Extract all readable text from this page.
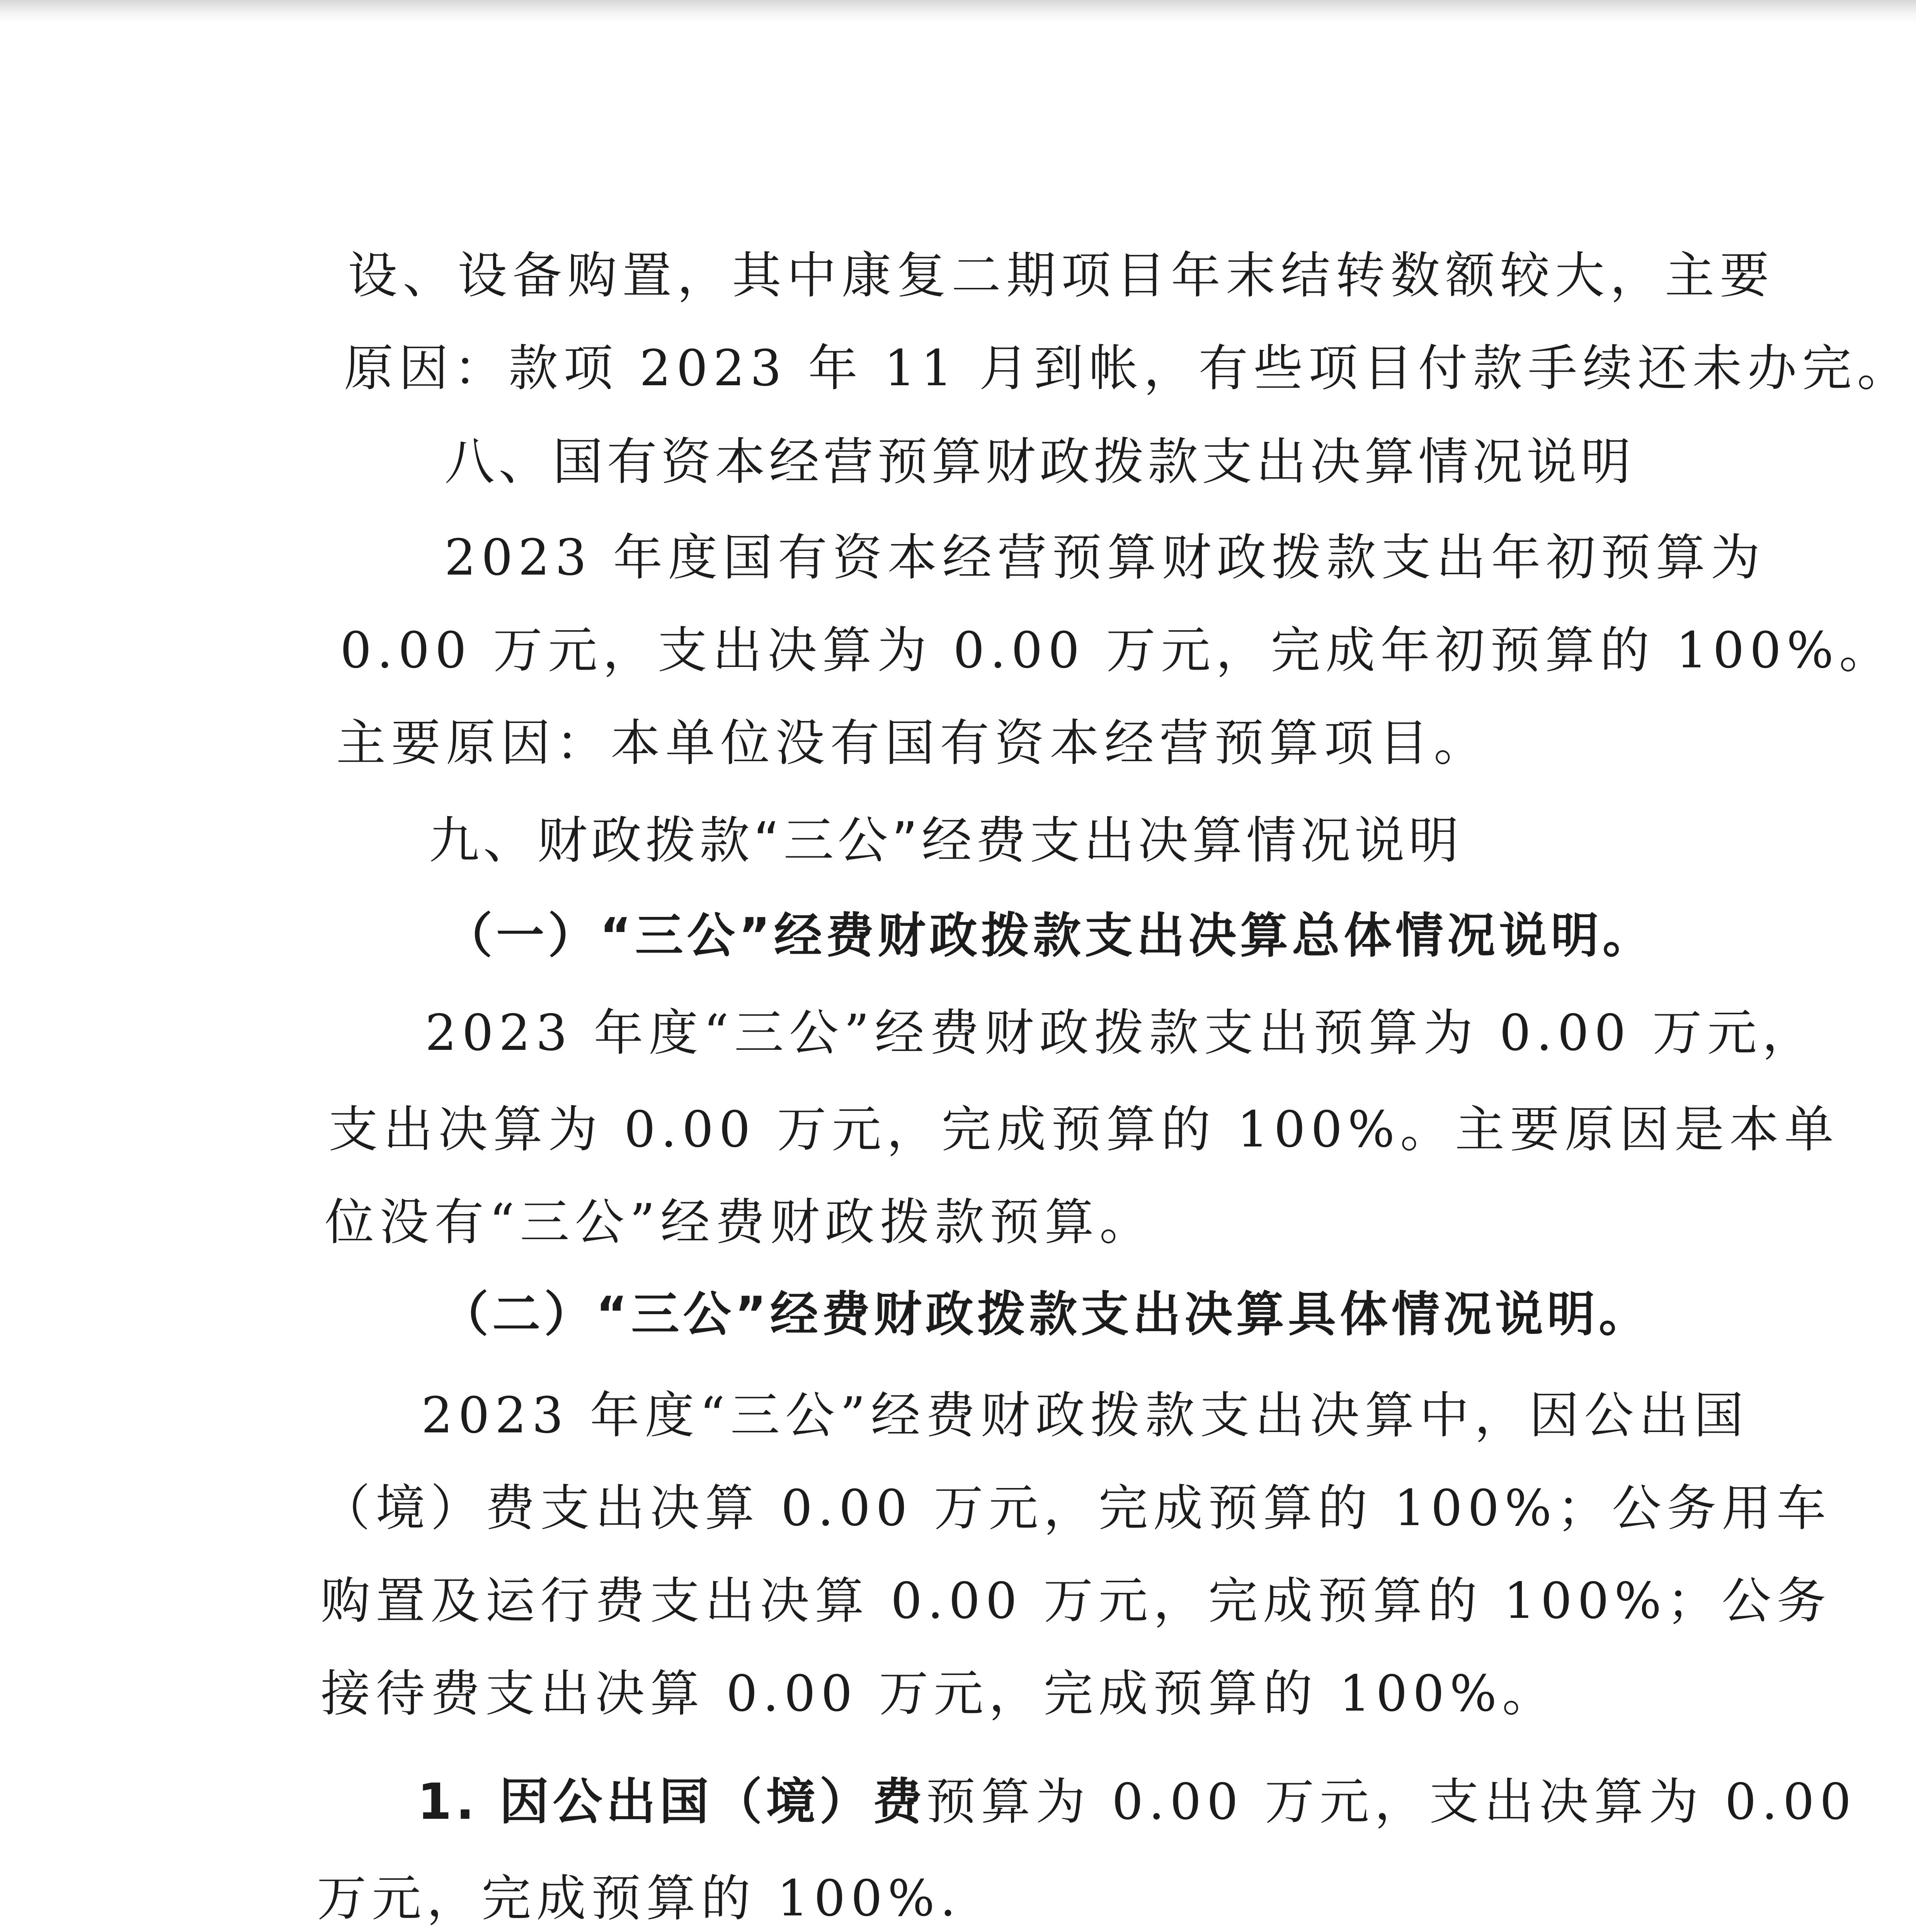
设、设备购置，其中康复二期项目年末结转数额较大，主要
原因：款项 2023 年 11 月到帐，有些项目付款手续还未办完。
八、国有资本经营预算财政拨款支出决算情况说明
2023 年度国有资本经营预算财政拨款支出年初预算为
0.00 万元，支出决算为 0.00 万元，完成年初预算的 100%。
主要原因：本单位没有国有资本经营预算项目。
九、财政拨款“三公”经费支出决算情况说明
（一）“三公”经费财政拨款支出决算总体情况说明。
2023 年度“三公”经费财政拨款支出预算为 0.00 万元，
支出决算为 0.00 万元，完成预算的 100%。主要原因是本单
位没有“三公”经费财政拨款预算。
（二）“三公”经费财政拨款支出决算具体情况说明。
2023 年度“三公”经费财政拨款支出决算中，因公出国
（境）费支出决算 0.00 万元，完成预算的 100%；公务用车
购置及运行费支出决算 0.00 万元，完成预算的 100%；公务
接待费支出决算 0.00 万元，完成预算的 100%。
1. 因公出国（境）费预算为 0.00 万元，支出决算为 0.00
万元，完成预算的 100%.
